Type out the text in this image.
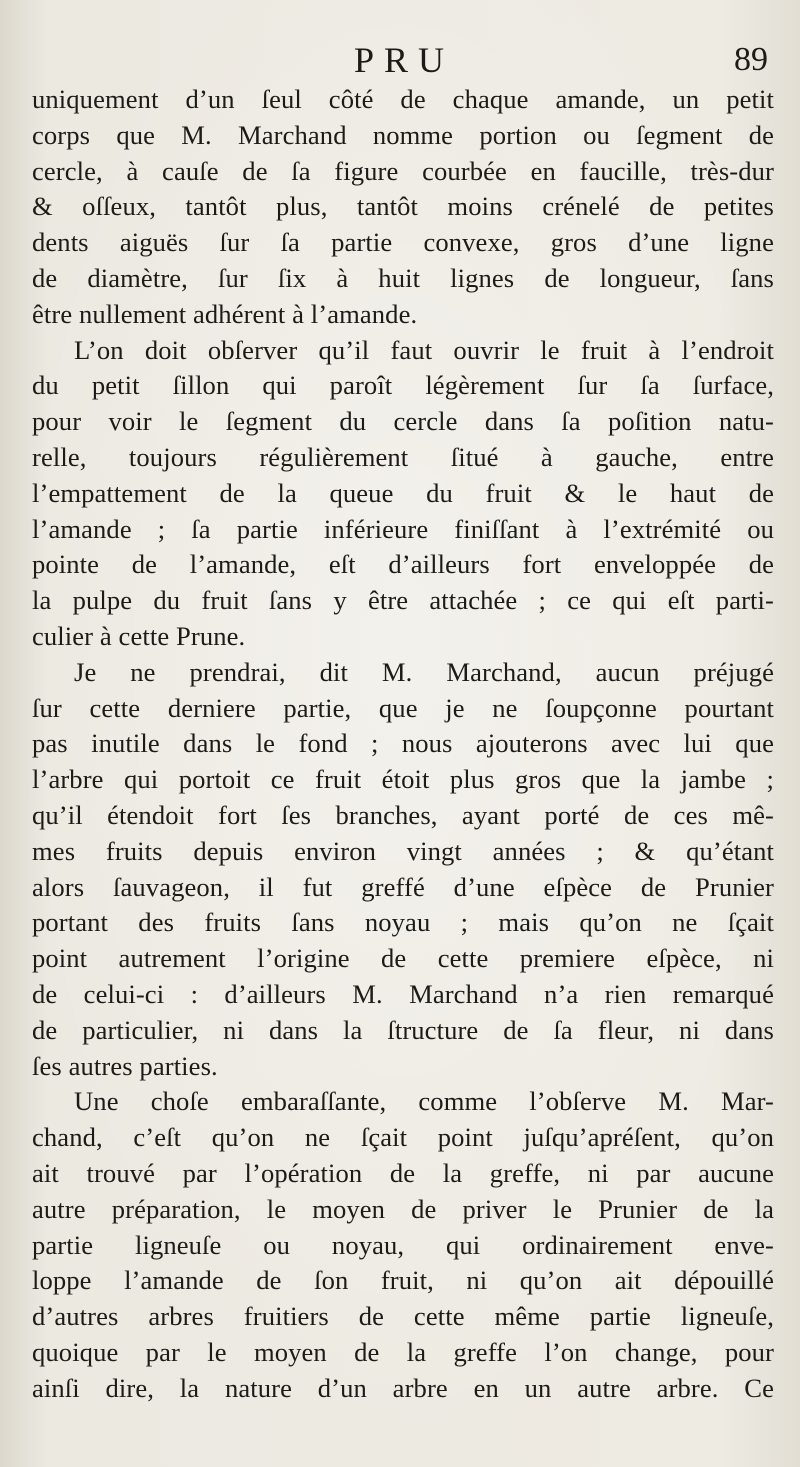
PRU	89
uniquement d’un ſeul côté de chaque amande, un petit
corps que M. Marchand nomme portion ou ſegment de
cercle, à cauſe de ſa figure courbée en faucille, très-dur
& oſſeux, tantôt plus, tantôt moins crénelé de petites
dents aiguës ſur ſa partie convexe, gros d’une ligne
de diamètre, ſur ſix à huit lignes de longueur, ſans
être nullement adhérent à l’amande.
L’on doit obſerver qu’il faut ouvrir le fruit à l’endroit
du petit ſillon qui paroît légèrement ſur ſa ſurface,
pour voir le ſegment du cercle dans ſa poſition natu-
relle, toujours régulièrement ſitué à gauche, entre
l’empattement de la queue du fruit & le haut de
l’amande ; ſa partie inférieure finiſſant à l’extrémité ou
pointe de l’amande, eſt d’ailleurs fort enveloppée de
la pulpe du fruit ſans y être attachée ; ce qui eſt parti-
culier à cette Prune.
Je ne prendrai, dit M. Marchand, aucun préjugé
ſur cette derniere partie, que je ne ſoupçonne pourtant
pas inutile dans le fond ; nous ajouterons avec lui que
l’arbre qui portoit ce fruit étoit plus gros que la jambe ;
qu’il étendoit fort ſes branches, ayant porté de ces mê-
mes fruits depuis environ vingt années ; & qu’étant
alors ſauvageon, il fut greffé d’une eſpèce de Prunier
portant des fruits ſans noyau ; mais qu’on ne ſçait
point autrement l’origine de cette premiere eſpèce, ni
de celui-ci : d’ailleurs M. Marchand n’a rien remarqué
de particulier, ni dans la ſtructure de ſa fleur, ni dans
ſes autres parties.
Une choſe embaraſſante, comme l’obſerve M. Mar-
chand, c’eſt qu’on ne ſçait point juſqu’apréſent, qu’on
ait trouvé par l’opération de la greffe, ni par aucune
autre préparation, le moyen de priver le Prunier de la
partie ligneuſe ou noyau, qui ordinairement enve-
loppe l’amande de ſon fruit, ni qu’on ait dépouillé
d’autres arbres fruitiers de cette même partie ligneuſe,
quoique par le moyen de la greffe l’on change, pour
ainſi dire, la nature d’un arbre en un autre arbre. Ce
